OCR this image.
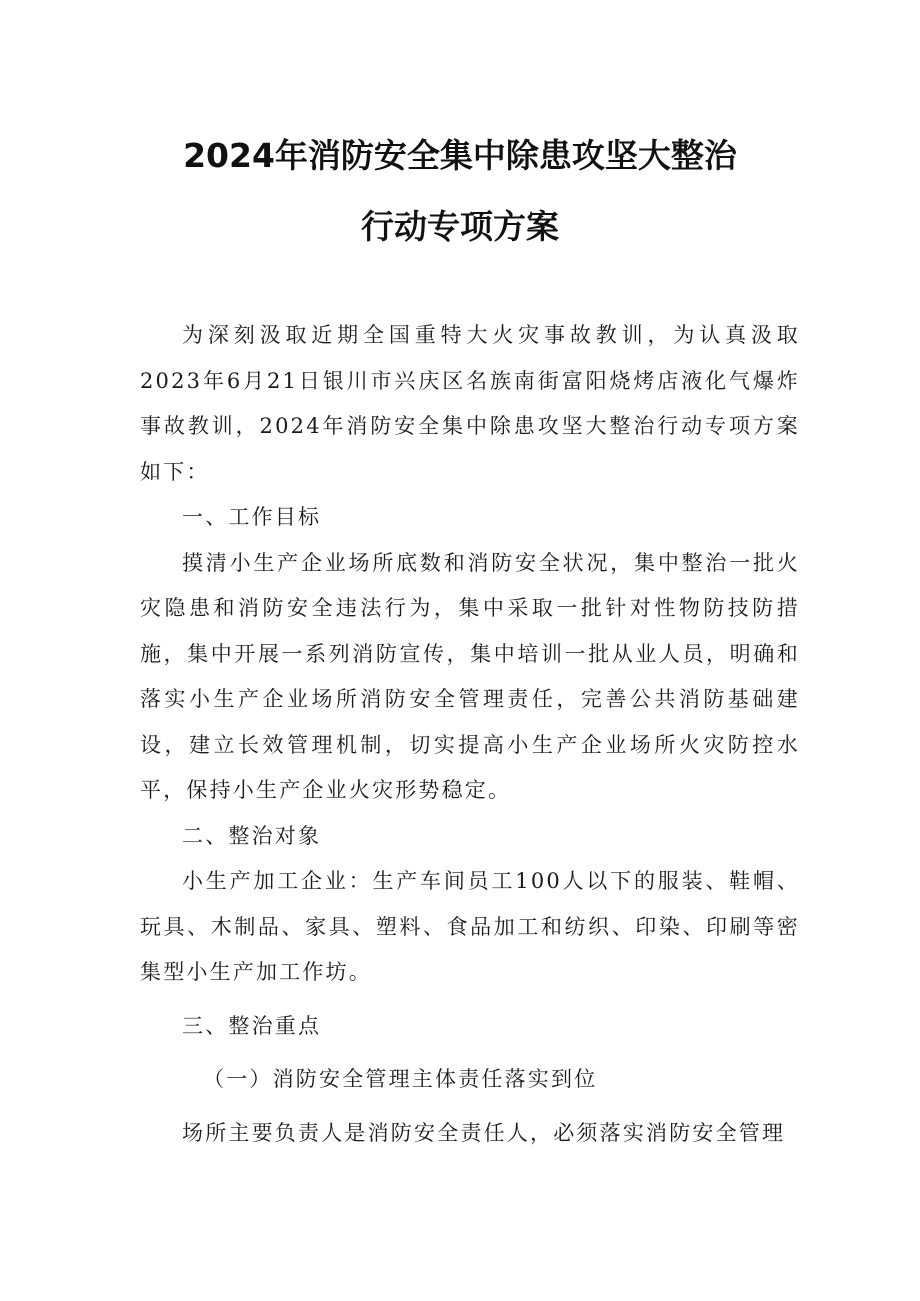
2024年消防安全集中除患攻坚大整治
行动专项方案

为深刻汲取近期全国重特大火灾事故教训，为认真汲取2023年6月21日银川市兴庆区名族南街富阳烧烤店液化气爆炸事故教训，2024年消防安全集中除患攻坚大整治行动专项方案如下：

一、工作目标

摸清小生产企业场所底数和消防安全状况，集中整治一批火灾隐患和消防安全违法行为，集中采取一批针对性物防技防措施，集中开展一系列消防宣传，集中培训一批从业人员，明确和落实小生产企业场所消防安全管理责任，完善公共消防基础建设，建立长效管理机制，切实提高小生产企业场所火灾防控水平，保持小生产企业火灾形势稳定。

二、整治对象

小生产加工企业：生产车间员工100人以下的服装、鞋帽、玩具、木制品、家具、塑料、食品加工和纺织、印染、印刷等密集型小生产加工作坊。

三、整治重点

（一）消防安全管理主体责任落实到位

场所主要负责人是消防安全责任人，必须落实消防安全管理
